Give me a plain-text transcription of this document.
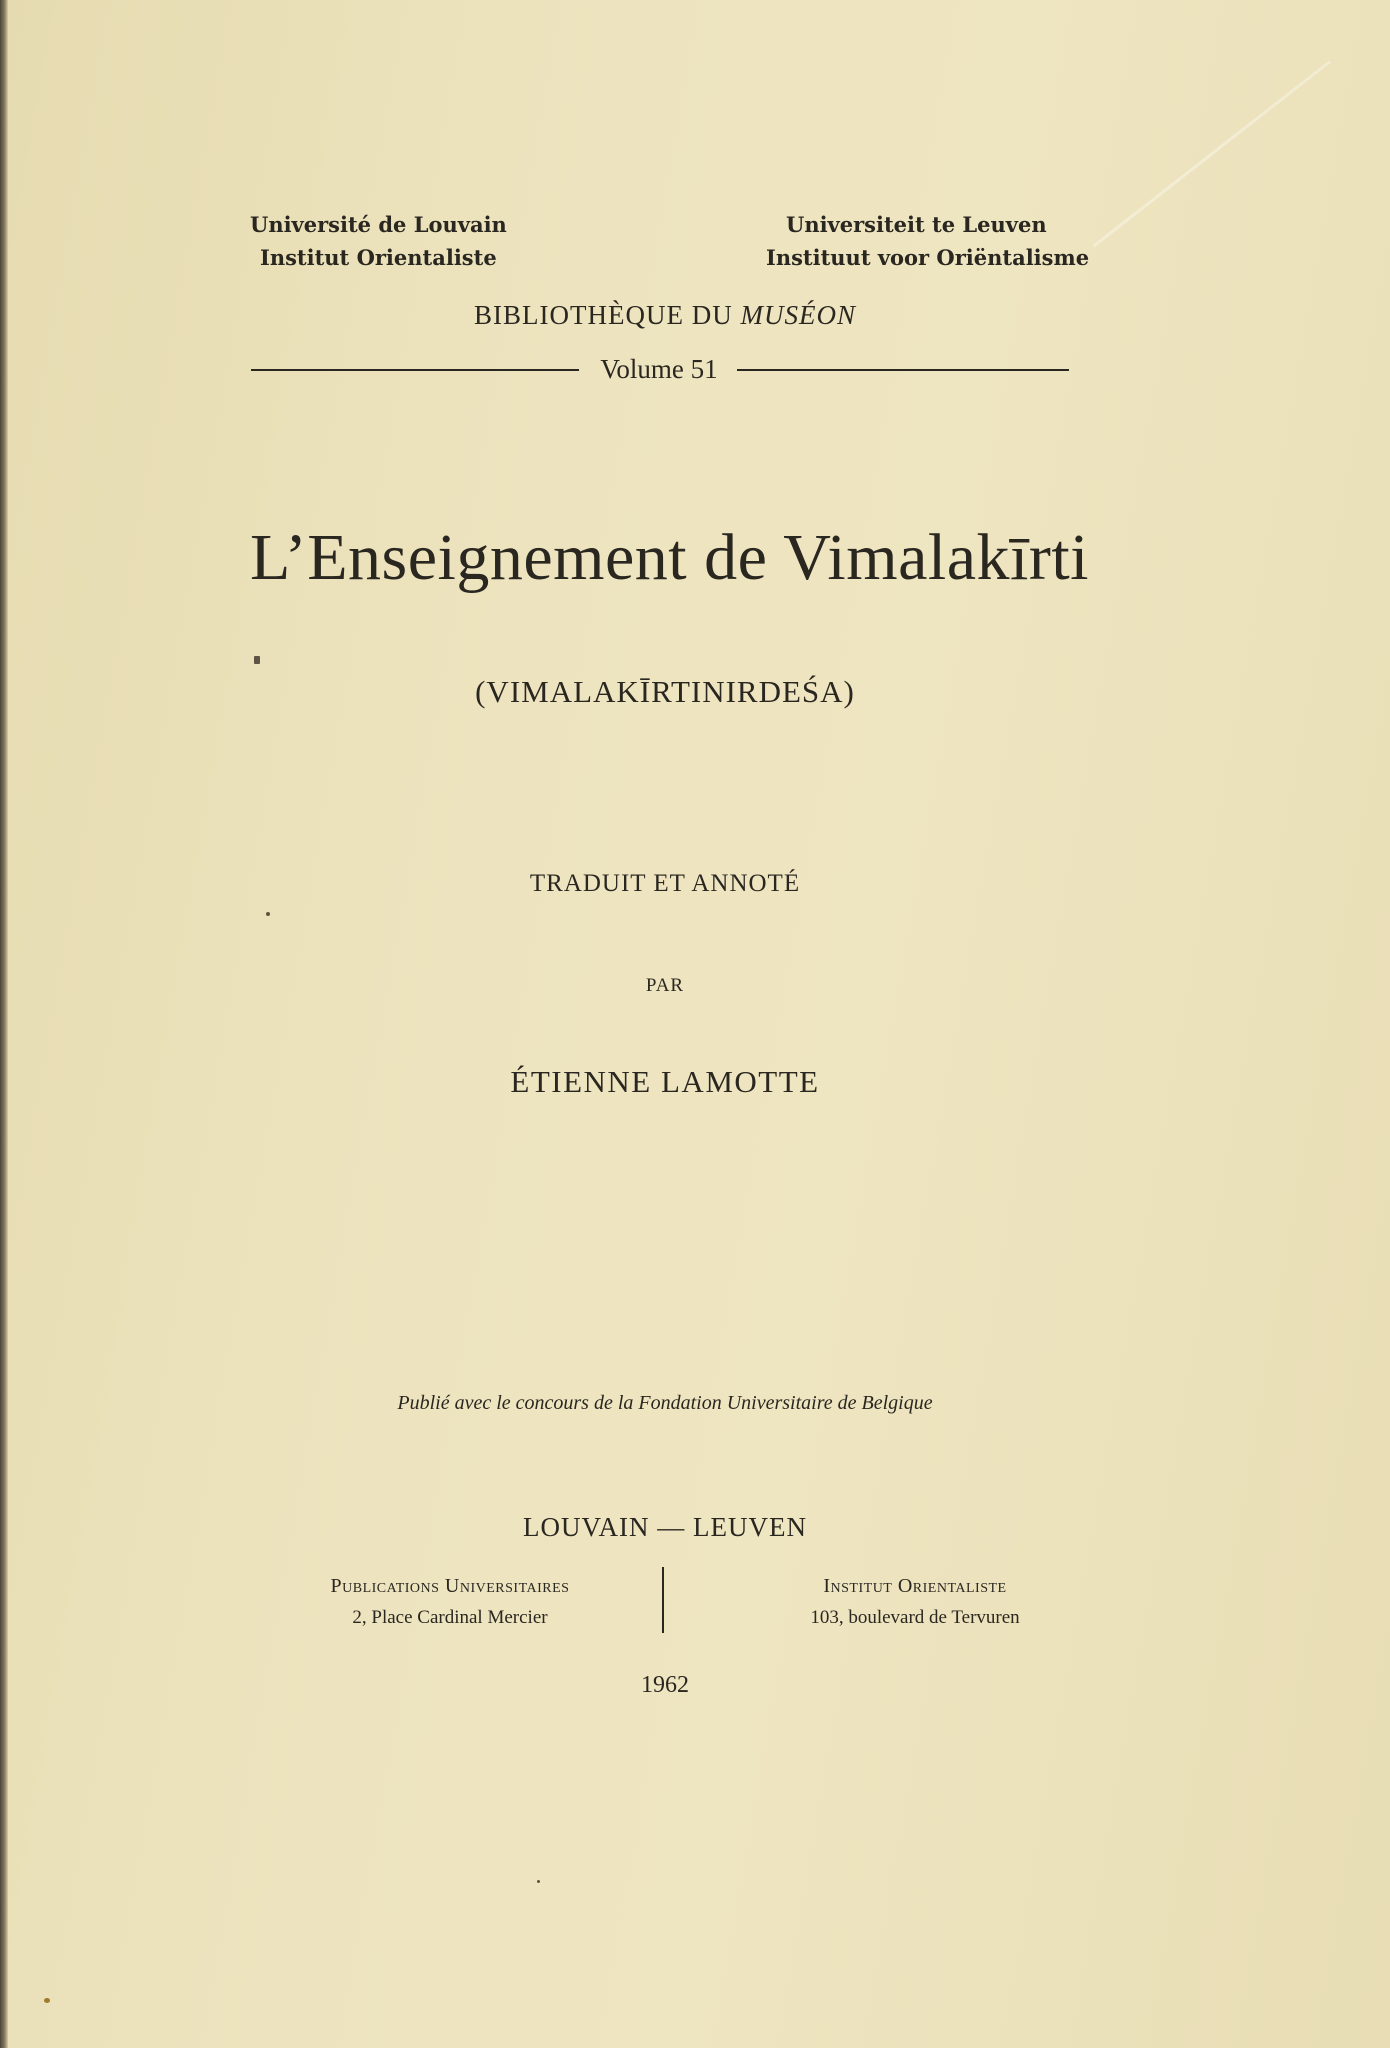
Université de Louvain
Institut Orientaliste
Universiteit te Leuven
Instituut voor Oriëntalisme
BIBLIOTHÈQUE DU MUSÉON
Volume 51
L’Enseignement de Vimalakīrti
(VIMALAKĪRTINIRDEŚA)
TRADUIT ET ANNOTÉ
PAR
ÉTIENNE LAMOTTE
Publié avec le concours de la Fondation Universitaire de Belgique
LOUVAIN — LEUVEN
Publications Universitaires
2, Place Cardinal Mercier
Institut Orientaliste
103, boulevard de Tervuren
1962
